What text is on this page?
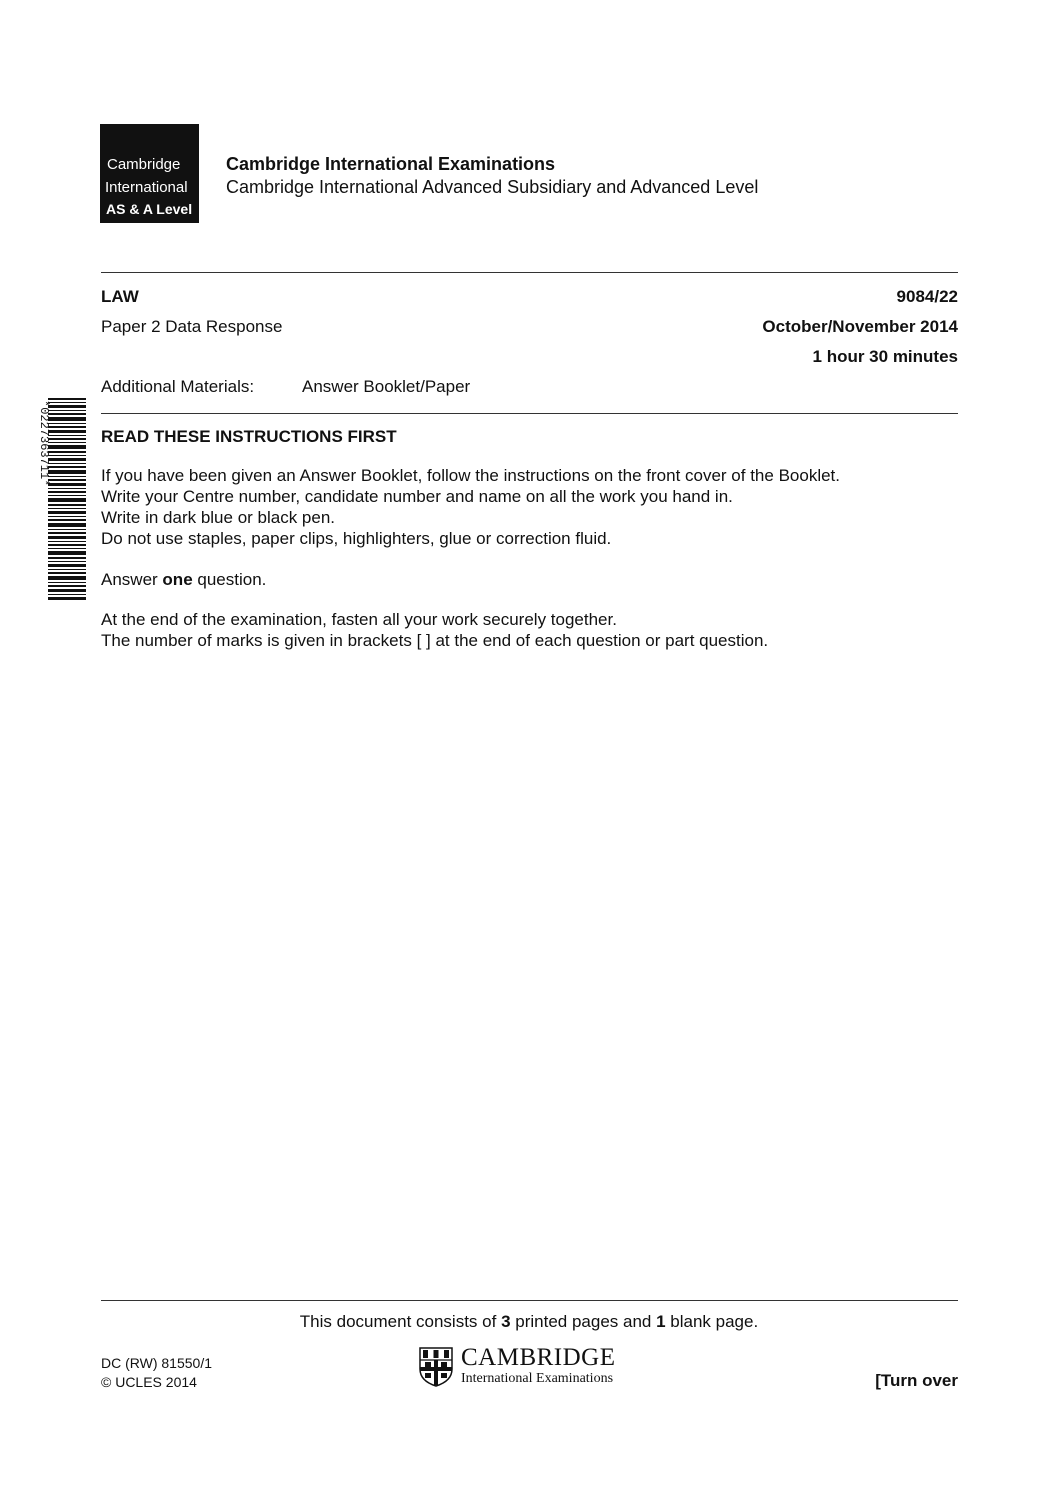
Cambridge
International
AS & A Level
Cambridge International Examinations
Cambridge International Advanced Subsidiary and Advanced Level
LAW	9084/22
Paper 2 Data Response	October/November 2014
1 hour 30 minutes
Additional Materials:	Answer Booklet/Paper
*0227363711*	READ THESE INSTRUCTIONS FIRST
If you have been given an Answer Booklet, follow the instructions on the front cover of the Booklet.
Write your Centre number, candidate number and name on all the work you hand in.
Write in dark blue or black pen.
Do not use staples, paper clips, highlighters, glue or correction fluid.
Answer one question.
At the end of the examination, fasten all your work securely together.
The number of marks is given in brackets [ ] at the end of each question or part question.
This document consists of 3 printed pages and 1 blank page.
DC (RW) 81550/1
© UCLES 2014
CAMBRIDGE
International Examinations	[Turn over
